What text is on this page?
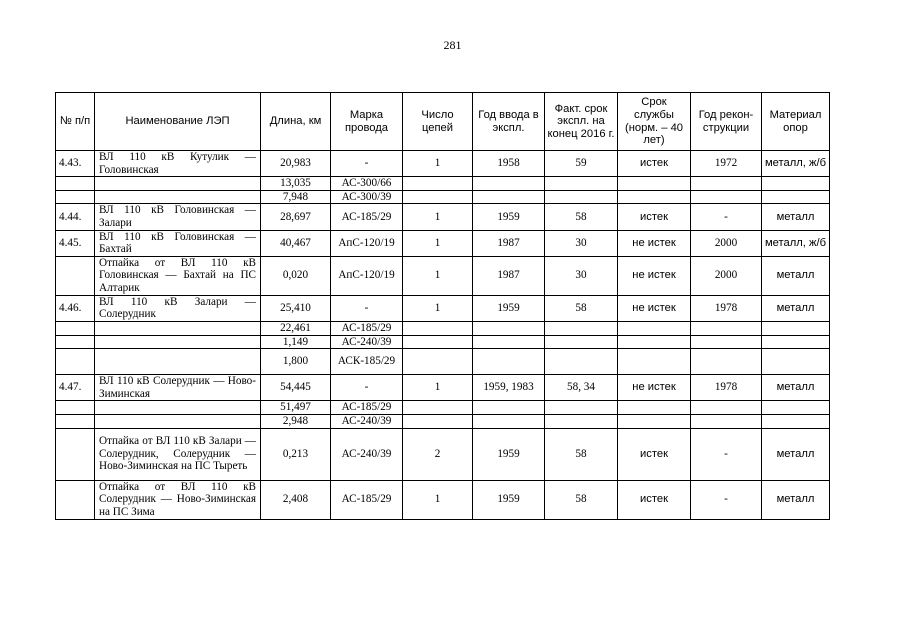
281
№ п/п	Наименование ЛЭП	Длина, км	Марка провода	Число цепей	Год ввода в экспл.	Факт. срок экспл. на конец 2016 г.	Срок службы (норм. – 40 лет)	Год рекон-струкции	Материал опор
4.43.	ВЛ 110 кВ Кутулик — Головинская	20,983	-	1	1958	59	истек	1972	металл, ж/б
		13,035	АС-300/66						
		7,948	АС-300/39						
4.44.	ВЛ 110 кВ Головинская — Залари	28,697	АС-185/29	1	1959	58	истек	-	металл
4.45.	ВЛ 110 кВ Головинская — Бахтай	40,467	АпС-120/19	1	1987	30	не истек	2000	металл, ж/б
	Отпайка от ВЛ 110 кВ Головинская — Бахтай на ПС Алтарик	0,020	АпС-120/19	1	1987	30	не истек	2000	металл
4.46.	ВЛ 110 кВ Залари — Солерудник	25,410	-	1	1959	58	не истек	1978	металл
		22,461	АС-185/29						
		1,149	АС-240/39						
		1,800	АСК-185/29						
4.47.	ВЛ 110 кВ Солерудник — Ново-Зиминская	54,445	-	1	1959, 1983	58, 34	не истек	1978	металл
		51,497	АС-185/29						
		2,948	АС-240/39						
	Отпайка от ВЛ 110 кВ Залари — Солерудник, Солерудник — Ново-Зиминская на ПС Тыреть	0,213	АС-240/39	2	1959	58	истек	-	металл
	Отпайка от ВЛ 110 кВ Солерудник — Ново-Зиминская на ПС Зима	2,408	АС-185/29	1	1959	58	истек	-	металл
